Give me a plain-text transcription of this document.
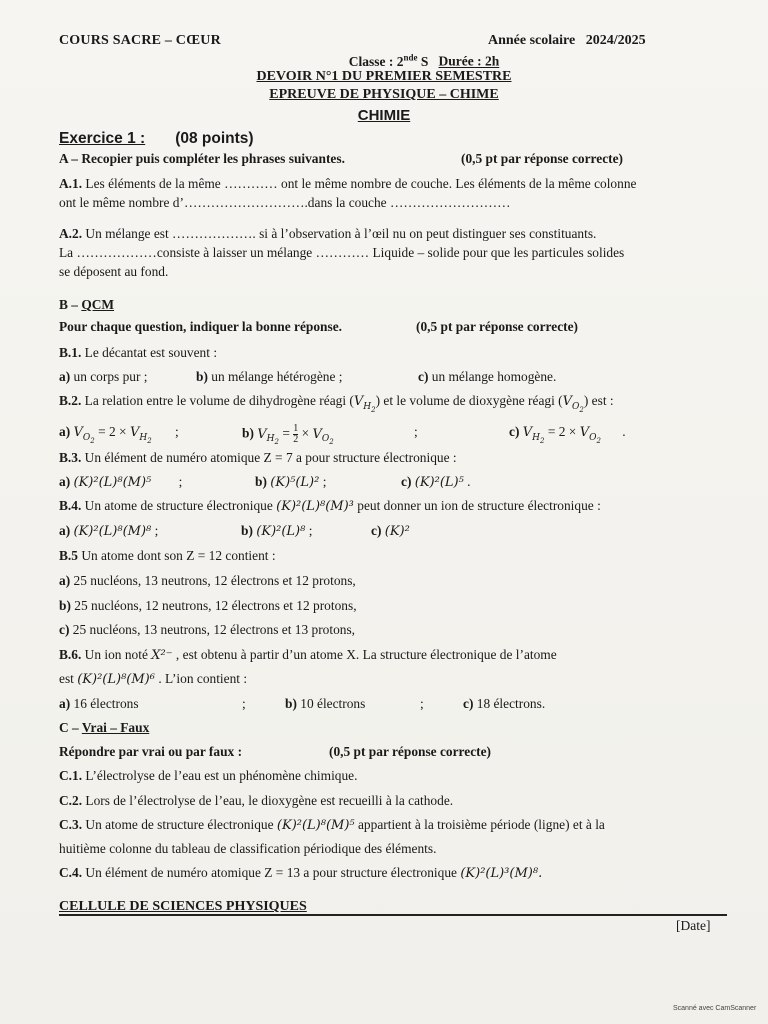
COURS SACRE – CŒUR	Année scolaire 2024/2025
Classe : 2nde S Durée : 2h
DEVOIR N°1 DU PREMIER SEMESTRE
EPREUVE DE PHYSIQUE – CHIME
CHIMIE
Exercice 1 : (08 points)
A – Recopier puis compléter les phrases suivantes.	(0,5 pt par réponse correcte)
A.1. Les éléments de la même ………… ont le même nombre de couche. Les éléments de la même colonne
ont le même nombre d’……………………….dans la couche ………………………
A.2. Un mélange est ………………. si à l’observation à l’œil nu on peut distinguer ses constituants.
La ………………consiste à laisser un mélange ………… Liquide – solide pour que les particules solides
se déposent au fond.
B – QCM
Pour chaque question, indiquer la bonne réponse.	(0,5 pt par réponse correcte)
B.1. Le décantat est souvent :
a) un corps pur ;	b) un mélange hétérogène ;	c) un mélange homogène.
B.2. La relation entre le volume de dihydrogène réagi $(V_{H_2})$ et le volume de dioxygène réagi $(V_{O_2})$ est :
a) $V_{O_2} = 2 \times V_{H_2}$ ;	b) $V_{H_2} = \frac{1}{2} \times V_{O_2}$
;	c) $V_{H_2} = 2 \times V_{O_2}$ .
B.3. Un élément de numéro atomique Z = 7 a pour structure électronique :
a) (K)²(L)⁸(M)⁵ ;	b) (K)⁵(L)² ;	c) (K)²(L)⁵ .
B.4. Un atome de structure électronique (K)²(L)⁸(M)³ peut donner un ion de structure électronique :
a) (K)²(L)⁸(M)⁸ ;	b) (K)²(L)⁸ ;	c) (K)²
B.5 Un atome dont son Z = 12 contient :
a) 25 nucléons, 13 neutrons, 12 électrons et 12 protons,
b) 25 nucléons, 12 neutrons, 12 électrons et 12 protons,
c) 25 nucléons, 13 neutrons, 12 électrons et 13 protons,
B.6. Un ion noté X²⁻ , est obtenu à partir d’un atome X. La structure électronique de l’atome
est (K)²(L)⁸(M)⁶ . L’ion contient :
a) 16 électrons	;	b) 10 électrons	;	c) 18 électrons.
C – Vrai – Faux
Répondre par vrai ou par faux :	(0,5 pt par réponse correcte)
C.1. L’électrolyse de l’eau est un phénomène chimique.
C.2. Lors de l’électrolyse de l’eau, le dioxygène est recueilli à la cathode.
C.3. Un atome de structure électronique (K)²(L)⁸(M)⁵ appartient à la troisième période (ligne) et à la
huitième colonne du tableau de classification périodique des éléments.
C.4. Un élément de numéro atomique Z = 13 a pour structure électronique (K)²(L)³(M)⁸.
CELLULE DE SCIENCES PHYSIQUES
[Date]
Scanné avec CamScanner
